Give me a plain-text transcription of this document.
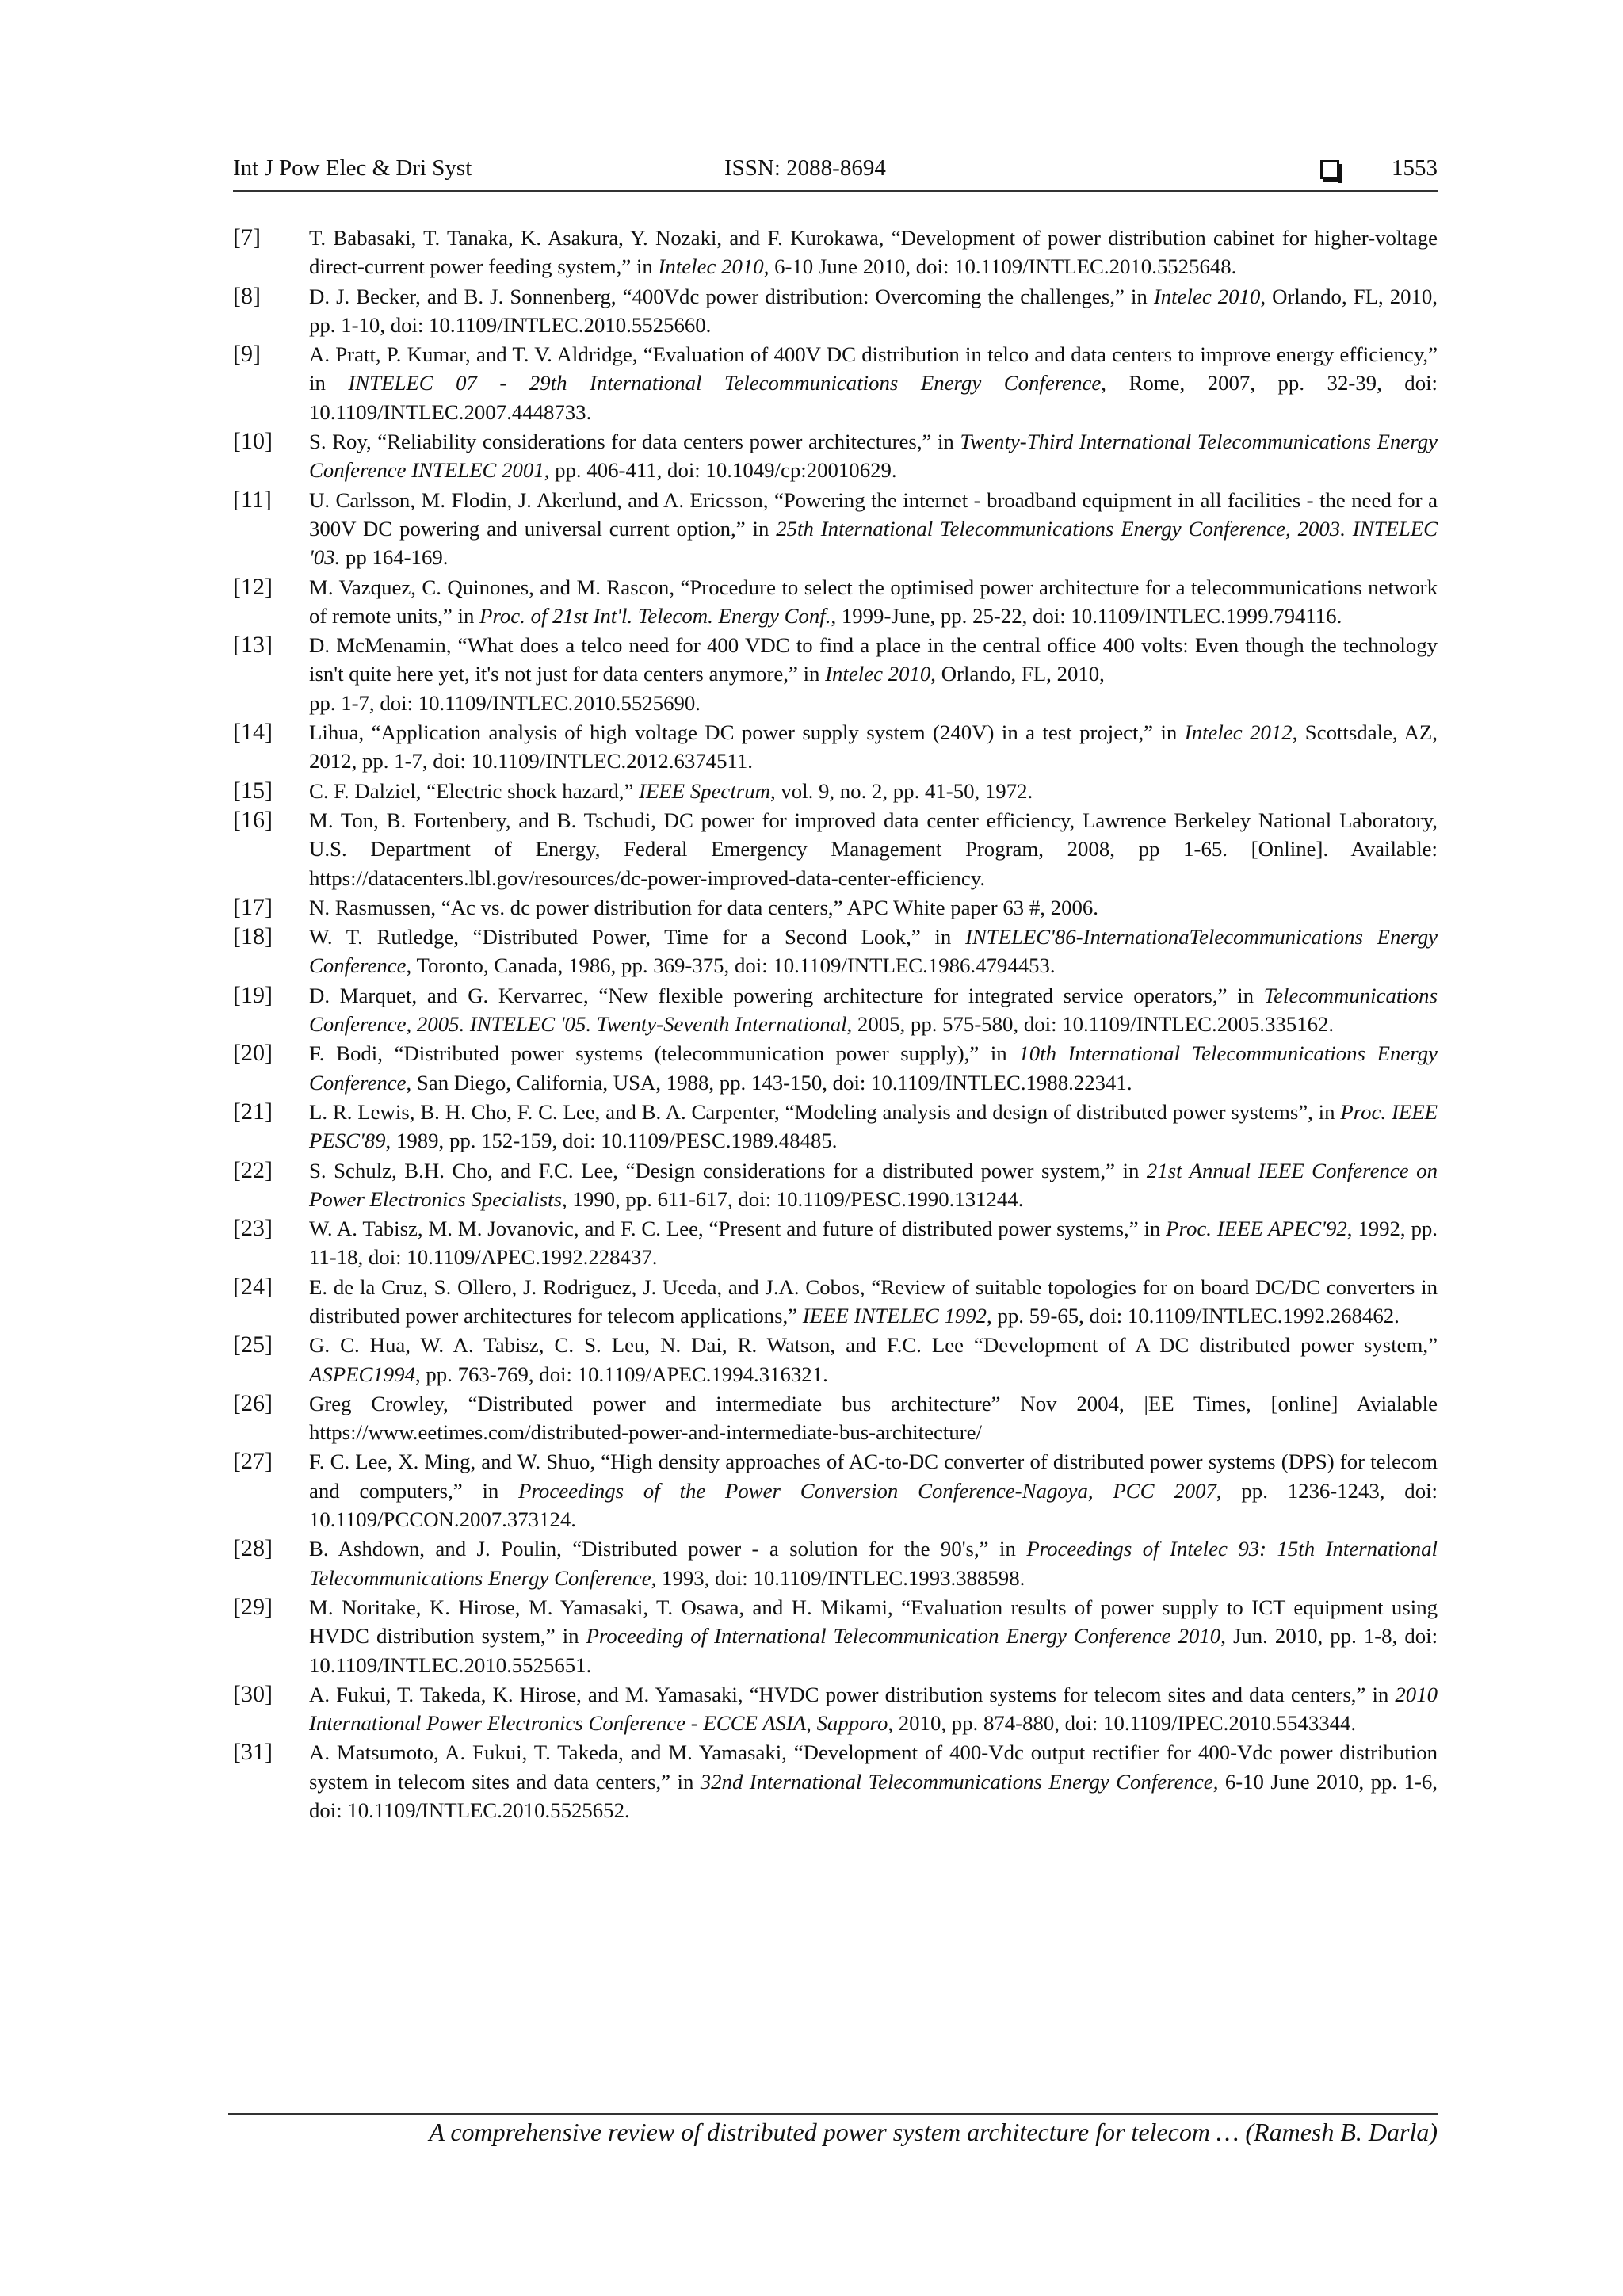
Int J Pow Elec & Dri Syst	ISSN: 2088-8694	1553
[7]	T. Babasaki, T. Tanaka, K. Asakura, Y. Nozaki, and F. Kurokawa, “Development of power distribution cabinet for higher-voltage direct-current power feeding system,” in Intelec 2010, 6-10 June 2010, doi: 10.1109/INTLEC.2010.5525648.
[8]	D. J. Becker, and B. J. Sonnenberg, “400Vdc power distribution: Overcoming the challenges,” in Intelec 2010, Orlando, FL, 2010, pp. 1-10, doi: 10.1109/INTLEC.2010.5525660.
[9]	A. Pratt, P. Kumar, and T. V. Aldridge, “Evaluation of 400V DC distribution in telco and data centers to improve energy efficiency,” in INTELEC 07 - 29th International Telecommunications Energy Conference, Rome, 2007, pp. 32-39, doi: 10.1109/INTLEC.2007.4448733.
[10]	S. Roy, “Reliability considerations for data centers power architectures,” in Twenty-Third International Telecommunications Energy Conference INTELEC 2001, pp. 406-411, doi: 10.1049/cp:20010629.
[11]	U. Carlsson, M. Flodin, J. Akerlund, and A. Ericsson, “Powering the internet - broadband equipment in all facilities - the need for a 300V DC powering and universal current option,” in 25th International Telecommunications Energy Conference, 2003. INTELEC '03. pp 164-169.
[12]	M. Vazquez, C. Quinones, and M. Rascon, “Procedure to select the optimised power architecture for a telecommunications network of remote units,” in Proc. of 21st Int'l. Telecom. Energy Conf., 1999-June, pp. 25-22, doi: 10.1109/INTLEC.1999.794116.
[13]	D. McMenamin, “What does a telco need for 400 VDC to find a place in the central office 400 volts: Even though the technology isn't quite here yet, it's not just for data centers anymore,” in Intelec 2010, Orlando, FL, 2010,
pp. 1-7, doi: 10.1109/INTLEC.2010.5525690.
[14]	Lihua, “Application analysis of high voltage DC power supply system (240V) in a test project,” in Intelec 2012, Scottsdale, AZ, 2012, pp. 1-7, doi: 10.1109/INTLEC.2012.6374511.
[15]	C. F. Dalziel, “Electric shock hazard,” IEEE Spectrum, vol. 9, no. 2, pp. 41-50, 1972.
[16]	M. Ton, B. Fortenbery, and B. Tschudi, DC power for improved data center efficiency, Lawrence Berkeley National Laboratory, U.S. Department of Energy, Federal Emergency Management Program, 2008, pp 1-65. [Online]. Available: https://datacenters.lbl.gov/resources/dc-power-improved-data-center-efficiency.
[17]	N. Rasmussen, “Ac vs. dc power distribution for data centers,” APC White paper 63 #, 2006.
[18]	W. T. Rutledge, “Distributed Power, Time for a Second Look,” in INTELEC'86-InternationaTelecommunications Energy Conference, Toronto, Canada, 1986, pp. 369-375, doi: 10.1109/INTLEC.1986.4794453.
[19]	D. Marquet, and G. Kervarrec, “New flexible powering architecture for integrated service operators,” in Telecommunications Conference, 2005. INTELEC '05. Twenty-Seventh International, 2005, pp. 575-580, doi: 10.1109/INTLEC.2005.335162.
[20]	F. Bodi, “Distributed power systems (telecommunication power supply),” in 10th International Telecommunications Energy Conference, San Diego, California, USA, 1988, pp. 143-150, doi: 10.1109/INTLEC.1988.22341.
[21]	L. R. Lewis, B. H. Cho, F. C. Lee, and B. A. Carpenter, “Modeling analysis and design of distributed power systems”, in Proc. IEEE PESC'89, 1989, pp. 152-159, doi: 10.1109/PESC.1989.48485.
[22]	S. Schulz, B.H. Cho, and F.C. Lee, “Design considerations for a distributed power system,” in 21st Annual IEEE Conference on Power Electronics Specialists, 1990, pp. 611-617, doi: 10.1109/PESC.1990.131244.
[23]	W. A. Tabisz, M. M. Jovanovic, and F. C. Lee, “Present and future of distributed power systems,” in Proc. IEEE APEC'92, 1992, pp. 11-18, doi: 10.1109/APEC.1992.228437.
[24]	E. de la Cruz, S. Ollero, J. Rodriguez, J. Uceda, and J.A. Cobos, “Review of suitable topologies for on board DC/DC converters in distributed power architectures for telecom applications,” IEEE INTELEC 1992, pp. 59-65, doi: 10.1109/INTLEC.1992.268462.
[25]	G. C. Hua, W. A. Tabisz, C. S. Leu, N. Dai, R. Watson, and F.C. Lee “Development of A DC distributed power system,” ASPEC1994, pp. 763-769, doi: 10.1109/APEC.1994.316321.
[26]	Greg Crowley, “Distributed power and intermediate bus architecture” Nov 2004, |EE Times, [online] Avialable https://www.eetimes.com/distributed-power-and-intermediate-bus-architecture/
[27]	F. C. Lee, X. Ming, and W. Shuo, “High density approaches of AC-to-DC converter of distributed power systems (DPS) for telecom and computers,” in Proceedings of the Power Conversion Conference-Nagoya, PCC 2007, pp. 1236-1243, doi: 10.1109/PCCON.2007.373124.
[28]	B. Ashdown, and J. Poulin, “Distributed power - a solution for the 90's,” in Proceedings of Intelec 93: 15th International Telecommunications Energy Conference, 1993, doi: 10.1109/INTLEC.1993.388598.
[29]	M. Noritake, K. Hirose, M. Yamasaki, T. Osawa, and H. Mikami, “Evaluation results of power supply to ICT equipment using HVDC distribution system,” in Proceeding of International Telecommunication Energy Conference 2010, Jun. 2010, pp. 1-8, doi: 10.1109/INTLEC.2010.5525651.
[30]	A. Fukui, T. Takeda, K. Hirose, and M. Yamasaki, “HVDC power distribution systems for telecom sites and data centers,” in 2010 International Power Electronics Conference - ECCE ASIA, Sapporo, 2010, pp. 874-880, doi: 10.1109/IPEC.2010.5543344.
[31]	A. Matsumoto, A. Fukui, T. Takeda, and M. Yamasaki, “Development of 400-Vdc output rectifier for 400-Vdc power distribution system in telecom sites and data centers,” in 32nd International Telecommunications Energy Conference, 6-10 June 2010, pp. 1-6, doi: 10.1109/INTLEC.2010.5525652.
A comprehensive review of distributed power system architecture for telecom … (Ramesh B. Darla)
